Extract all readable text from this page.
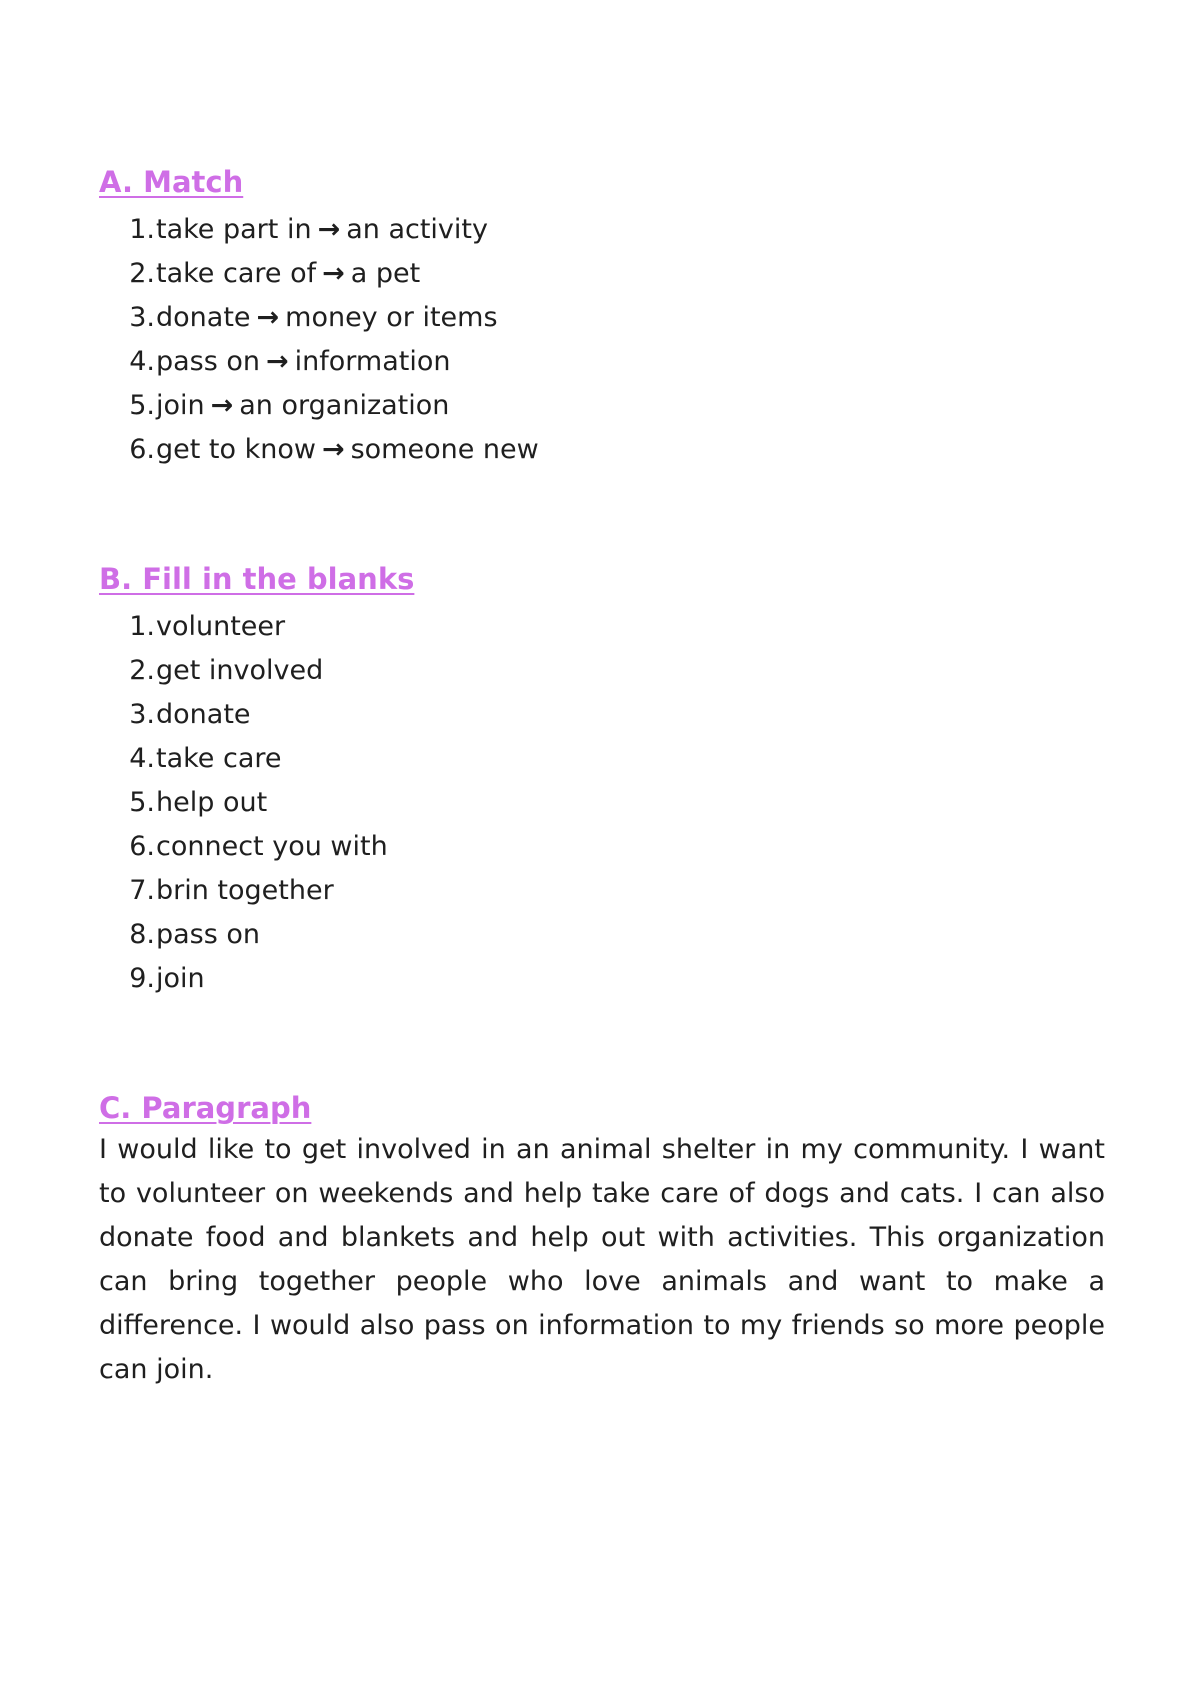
A. Match
1. take part in → an activity
2. take care of → a pet
3. donate → money or items
4. pass on → information
5. join → an organization
6. get to know → someone new
B. Fill in the blanks
1. volunteer
2. get involved
3. donate
4. take care
5. help out
6. connect you with
7. brin together
8. pass on
9. join
C. Paragraph

I would like to get involved in an animal shelter in my community. I want to volunteer on weekends and help take care of dogs and cats. I can also donate food and blankets and help out with activities. This organization can bring together people who love animals and want to make a difference. I would also pass on information to my friends so more people can join.
